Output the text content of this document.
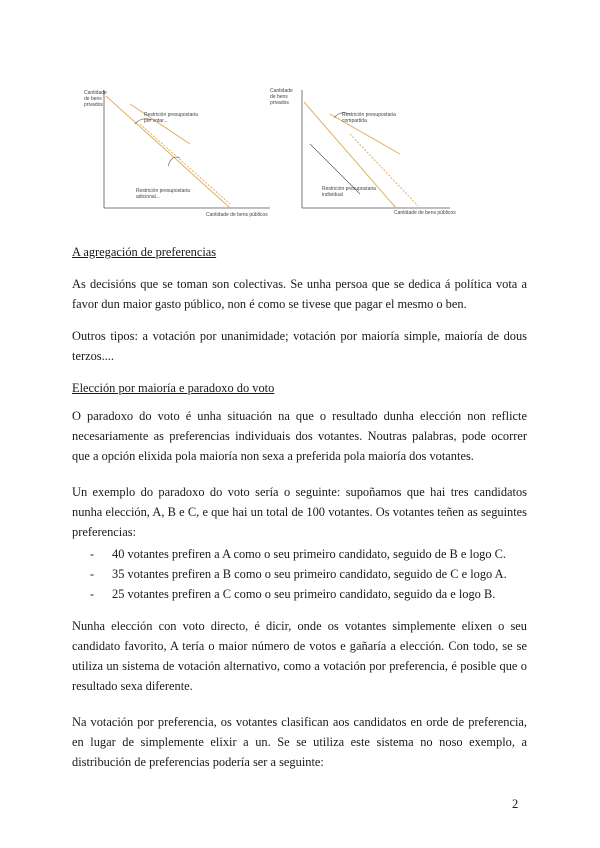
Cantidade
de bens
privados
Restrición presupostaria
por votar...
Restrición presupostaria
adicional...
Cantidade de bens públicos
Cantidade
de bens
privados
Restrición presupostaria
compartida
Restrición presupostaria
individual
Cantidade de bens públicos
A agregación de preferencias
As decisións que se toman son colectivas. Se unha persoa que se dedica á política vota a favor dun maior gasto público, non é como se tivese que pagar el mesmo o ben.
Outros tipos: a votación por unanimidade; votación por maioría simple, maioría de dous terzos....
Elección por maioría e paradoxo do voto
O paradoxo do voto é unha situación na que o resultado dunha elección non reflicte necesariamente as preferencias individuais dos votantes. Noutras palabras, pode ocorrer que a opción elixida pola maioría non sexa a preferida pola maioría dos votantes.
Un exemplo do paradoxo do voto sería o seguinte: supoñamos que hai tres candidatos nunha elección, A, B e C, e que hai un total de 100 votantes. Os votantes teñen as seguintes preferencias:
- 40 votantes prefiren a A como o seu primeiro candidato, seguido de B e logo C.
- 35 votantes prefiren a B como o seu primeiro candidato, seguido de C e logo A.
- 25 votantes prefiren a C como o seu primeiro candidato, seguido da e logo B.
Nunha elección con voto directo, é dicir, onde os votantes simplemente elixen o seu candidato favorito, A tería o maior número de votos e gañaría a elección. Con todo, se se utiliza un sistema de votación alternativo, como a votación por preferencia, é posible que o resultado sexa diferente.
Na votación por preferencia, os votantes clasifican aos candidatos en orde de preferencia, en lugar de simplemente elixir a un. Se se utiliza este sistema no noso exemplo, a distribución de preferencias podería ser a seguinte:
2
